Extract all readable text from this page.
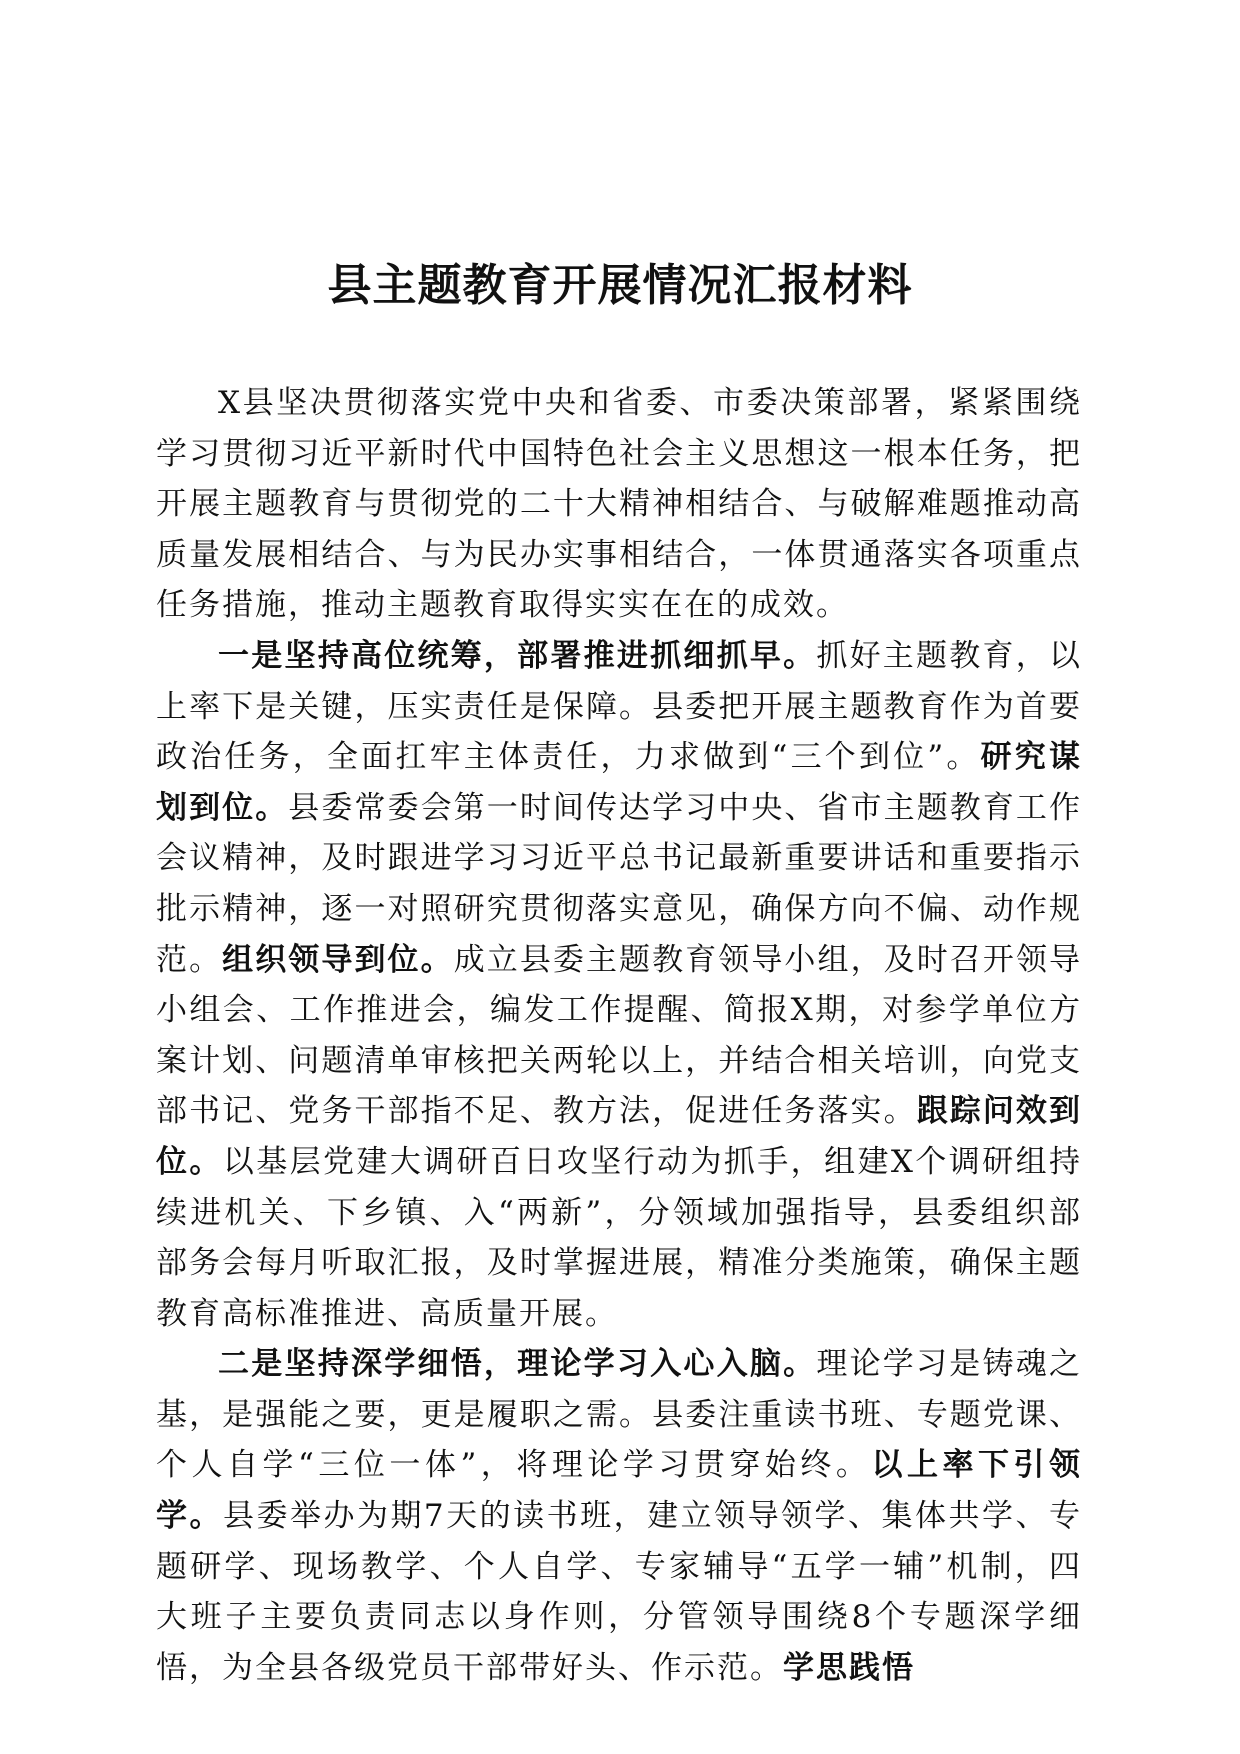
县主题教育开展情况汇报材料

X县坚决贯彻落实党中央和省委、市委决策部署，紧紧围绕学习贯彻习近平新时代中国特色社会主义思想这一根本任务，把开展主题教育与贯彻党的二十大精神相结合、与破解难题推动高质量发展相结合、与为民办实事相结合，一体贯通落实各项重点任务措施，推动主题教育取得实实在在的成效。

一是坚持高位统筹，部署推进抓细抓早。抓好主题教育，以上率下是关键，压实责任是保障。县委把开展主题教育作为首要政治任务，全面扛牢主体责任，力求做到“三个到位”。研究谋划到位。县委常委会第一时间传达学习中央、省市主题教育工作会议精神，及时跟进学习习近平总书记最新重要讲话和重要指示批示精神，逐一对照研究贯彻落实意见，确保方向不偏、动作规范。组织领导到位。成立县委主题教育领导小组，及时召开领导小组会、工作推进会，编发工作提醒、简报X期，对参学单位方案计划、问题清单审核把关两轮以上，并结合相关培训，向党支部书记、党务干部指不足、教方法，促进任务落实。跟踪问效到位。以基层党建大调研百日攻坚行动为抓手，组建X个调研组持续进机关、下乡镇、入“两新”，分领域加强指导，县委组织部部务会每月听取汇报，及时掌握进展，精准分类施策，确保主题教育高标准推进、高质量开展。

二是坚持深学细悟，理论学习入心入脑。理论学习是铸魂之基，是强能之要，更是履职之需。县委注重读书班、专题党课、个人自学“三位一体”，将理论学习贯穿始终。以上率下引领学。县委举办为期7天的读书班，建立领导领学、集体共学、专题研学、现场教学、个人自学、专家辅导“五学一辅”机制，四大班子主要负责同志以身作则，分管领导围绕8个专题深学细悟，为全县各级党员干部带好头、作示范。学思践悟
